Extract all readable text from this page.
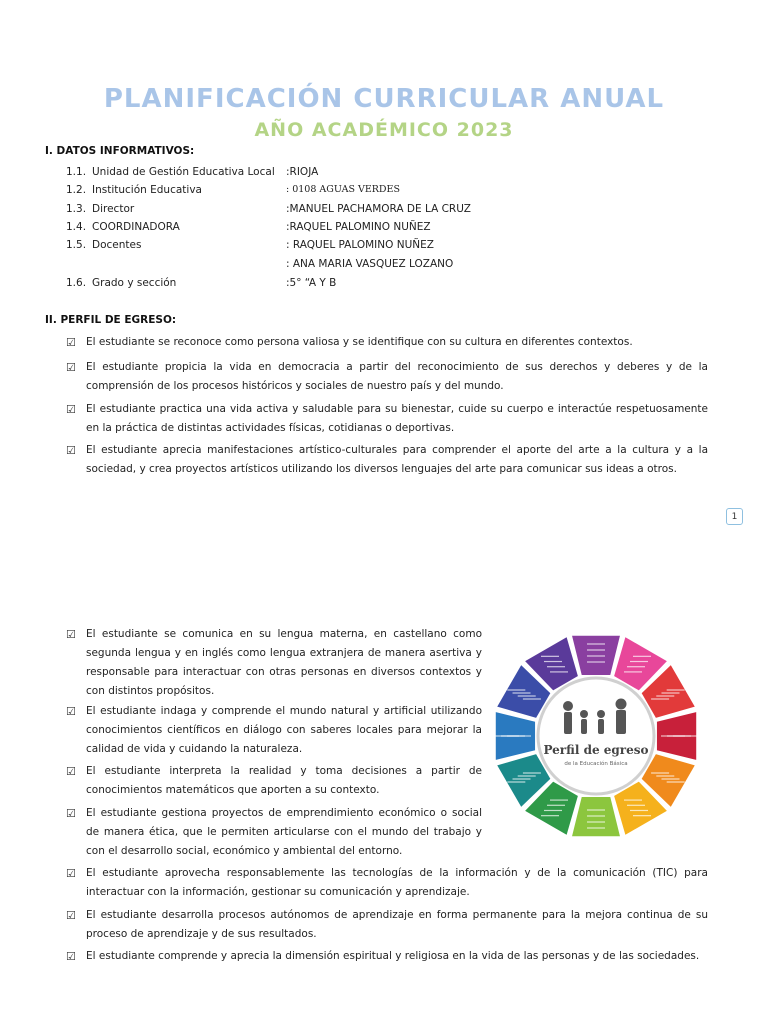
PLANIFICACIÓN CURRICULAR ANUAL
AÑO ACADÉMICO 2023
I. DATOS INFORMATIVOS:
1.1. Unidad de Gestión Educativa Local :RIOJA
1.2. Institución Educativa	: 0108 AGUAS VERDES
1.3. Director	:MANUEL PACHAMORA DE LA CRUZ
1.4. COORDINADORA	:RAQUEL PALOMINO NUÑEZ
1.5. Docentes	: RAQUEL PALOMINO NUÑEZ
: ANA MARIA VASQUEZ LOZANO
1.6. Grado y sección	:5° “A Y B
II. PERFIL DE EGRESO:
☑ El estudiante se reconoce como persona valiosa y se identifique con su cultura en diferentes contextos.
☑ El estudiante propicia la vida en democracia a partir del reconocimiento de sus derechos y deberes y de la comprensión de los procesos históricos y sociales de nuestro país y del mundo.
☑ El estudiante practica una vida activa y saludable para su bienestar, cuide su cuerpo e interactúe respetuosamente en la práctica de distintas actividades físicas, cotidianas o deportivas.
☑ El estudiante aprecia manifestaciones artístico-culturales para comprender el aporte del arte a la cultura y a la sociedad, y crea proyectos artísticos utilizando los diversos lenguajes del arte para comunicar sus ideas a otros.
1
☑ El estudiante se comunica en su lengua materna, en castellano como segunda lengua y en inglés como lengua extranjera de manera asertiva y responsable para interactuar con otras personas en diversos contextos y con distintos propósitos.
☑ El estudiante indaga y comprende el mundo natural y artificial utilizando conocimientos científicos en diálogo con saberes locales para mejorar la calidad de vida y cuidando la naturaleza.
☑ El estudiante interpreta la realidad y toma decisiones a partir de conocimientos matemáticos que aporten a su contexto.
☑ El estudiante gestiona proyectos de emprendimiento económico o social de manera ética, que le permiten articularse con el mundo del trabajo y con el desarrollo social, económico y ambiental del entorno.
☑ El estudiante aprovecha responsablemente las tecnologías de la información y de la comunicación (TIC) para interactuar con la información, gestionar su comunicación y aprendizaje.
☑ El estudiante desarrolla procesos autónomos de aprendizaje en forma permanente para la mejora continua de su proceso de aprendizaje y de sus resultados.
☑ El estudiante comprende y aprecia la dimensión espiritual y religiosa en la vida de las personas y de las sociedades.
Perfil de egreso
de la Educación Básica
